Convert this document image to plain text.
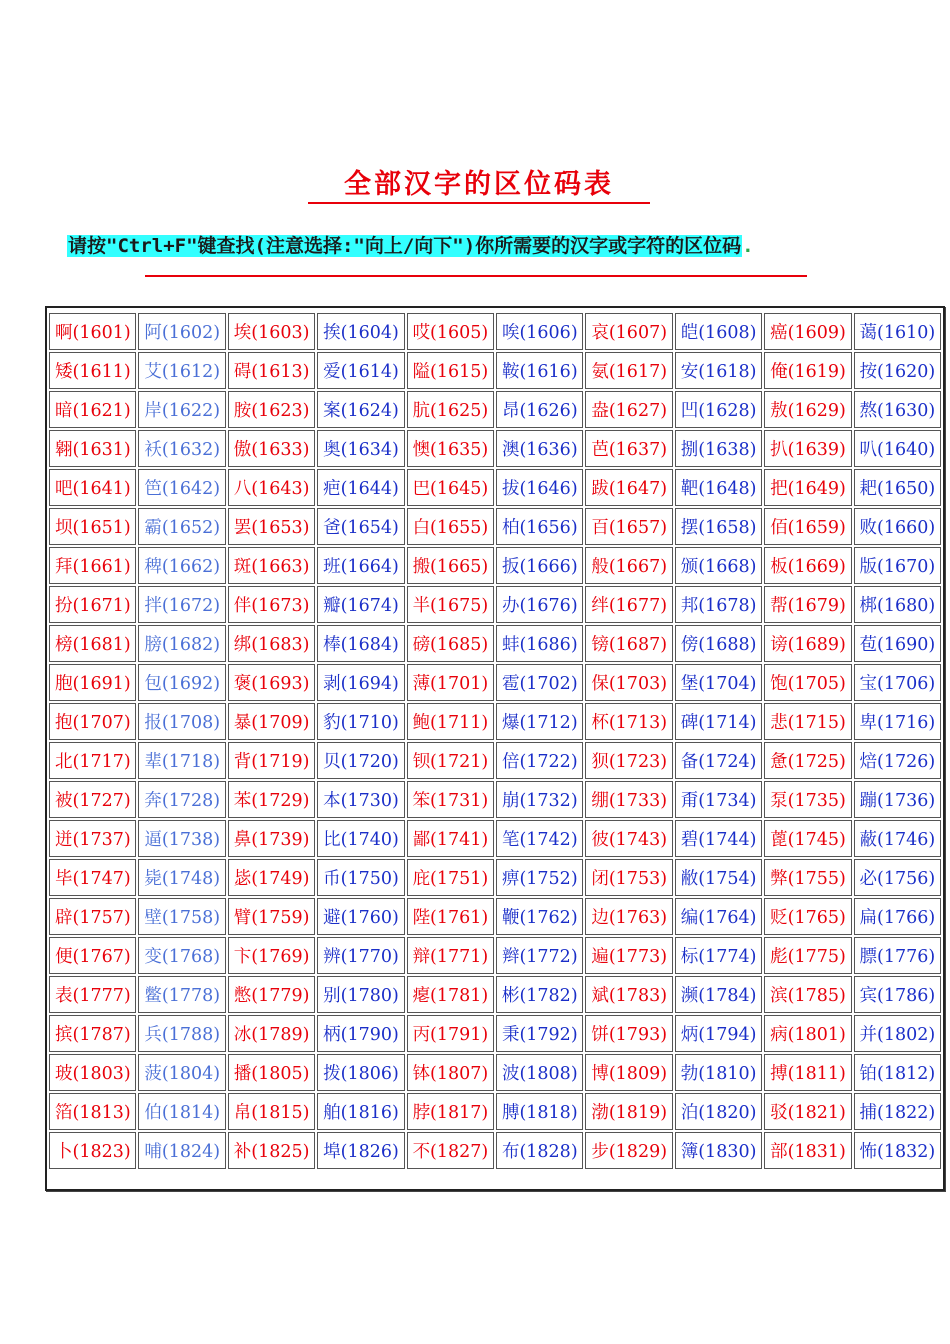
全部汉字的区位码表
请按"Ctrl+F"键查找(注意选择:"向上/向下")你所需要的汉字或字符的区位码.
啊(1601)	阿(1602)	埃(1603)	挨(1604)	哎(1605)	唉(1606)	哀(1607)	皑(1608)	癌(1609)	蔼(1610)
矮(1611)	艾(1612)	碍(1613)	爱(1614)	隘(1615)	鞍(1616)	氨(1617)	安(1618)	俺(1619)	按(1620)
暗(1621)	岸(1622)	胺(1623)	案(1624)	肮(1625)	昂(1626)	盎(1627)	凹(1628)	敖(1629)	熬(1630)
翱(1631)	袄(1632)	傲(1633)	奥(1634)	懊(1635)	澳(1636)	芭(1637)	捌(1638)	扒(1639)	叭(1640)
吧(1641)	笆(1642)	八(1643)	疤(1644)	巴(1645)	拔(1646)	跋(1647)	靶(1648)	把(1649)	耙(1650)
坝(1651)	霸(1652)	罢(1653)	爸(1654)	白(1655)	柏(1656)	百(1657)	摆(1658)	佰(1659)	败(1660)
拜(1661)	稗(1662)	斑(1663)	班(1664)	搬(1665)	扳(1666)	般(1667)	颁(1668)	板(1669)	版(1670)
扮(1671)	拌(1672)	伴(1673)	瓣(1674)	半(1675)	办(1676)	绊(1677)	邦(1678)	帮(1679)	梆(1680)
榜(1681)	膀(1682)	绑(1683)	棒(1684)	磅(1685)	蚌(1686)	镑(1687)	傍(1688)	谤(1689)	苞(1690)
胞(1691)	包(1692)	褒(1693)	剥(1694)	薄(1701)	雹(1702)	保(1703)	堡(1704)	饱(1705)	宝(1706)
抱(1707)	报(1708)	暴(1709)	豹(1710)	鲍(1711)	爆(1712)	杯(1713)	碑(1714)	悲(1715)	卑(1716)
北(1717)	辈(1718)	背(1719)	贝(1720)	钡(1721)	倍(1722)	狈(1723)	备(1724)	惫(1725)	焙(1726)
被(1727)	奔(1728)	苯(1729)	本(1730)	笨(1731)	崩(1732)	绷(1733)	甭(1734)	泵(1735)	蹦(1736)
迸(1737)	逼(1738)	鼻(1739)	比(1740)	鄙(1741)	笔(1742)	彼(1743)	碧(1744)	蓖(1745)	蔽(1746)
毕(1747)	毙(1748)	毖(1749)	币(1750)	庇(1751)	痹(1752)	闭(1753)	敝(1754)	弊(1755)	必(1756)
辟(1757)	壁(1758)	臂(1759)	避(1760)	陛(1761)	鞭(1762)	边(1763)	编(1764)	贬(1765)	扁(1766)
便(1767)	变(1768)	卞(1769)	辨(1770)	辩(1771)	辫(1772)	遍(1773)	标(1774)	彪(1775)	膘(1776)
表(1777)	鳖(1778)	憋(1779)	别(1780)	瘪(1781)	彬(1782)	斌(1783)	濒(1784)	滨(1785)	宾(1786)
摈(1787)	兵(1788)	冰(1789)	柄(1790)	丙(1791)	秉(1792)	饼(1793)	炳(1794)	病(1801)	并(1802)
玻(1803)	菠(1804)	播(1805)	拨(1806)	钵(1807)	波(1808)	博(1809)	勃(1810)	搏(1811)	铂(1812)
箔(1813)	伯(1814)	帛(1815)	舶(1816)	脖(1817)	膊(1818)	渤(1819)	泊(1820)	驳(1821)	捕(1822)
卜(1823)	哺(1824)	补(1825)	埠(1826)	不(1827)	布(1828)	步(1829)	簿(1830)	部(1831)	怖(1832)
